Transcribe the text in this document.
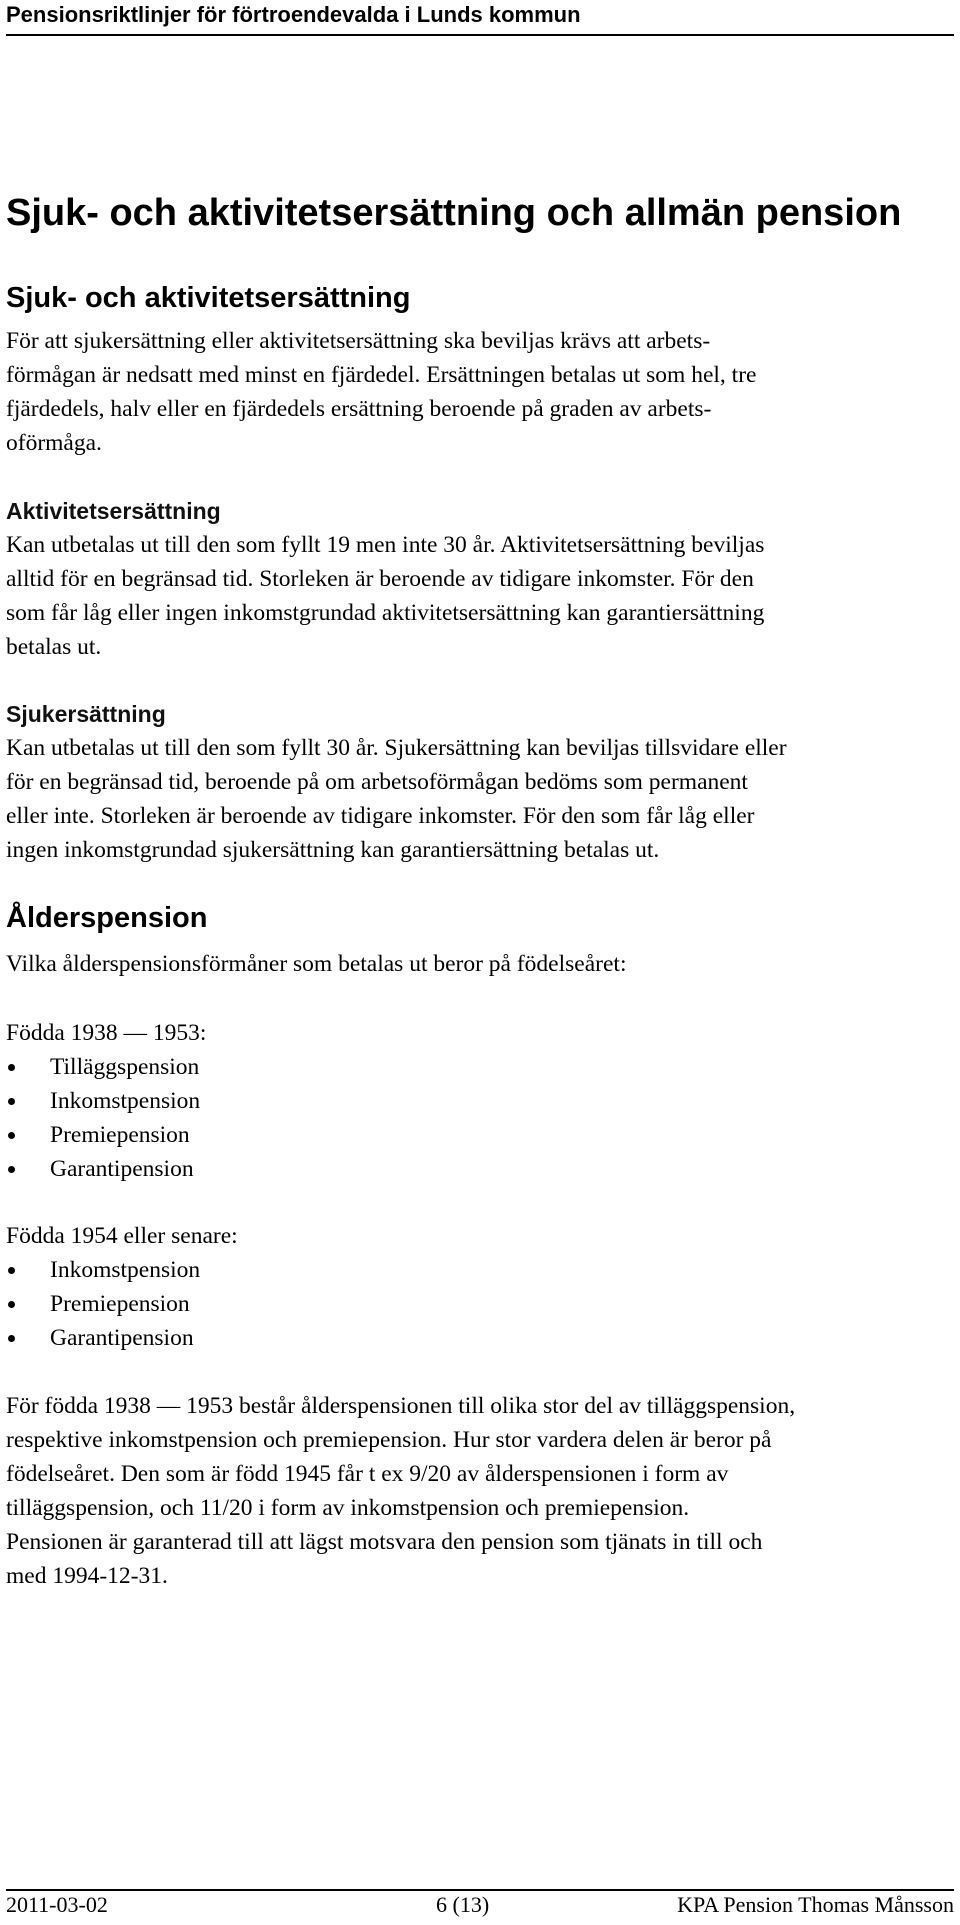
Pensionsriktlinjer för förtroendevalda i Lunds kommun
Sjuk- och aktivitetsersättning och allmän pension
Sjuk- och aktivitetsersättning
För att sjukersättning eller aktivitetsersättning ska beviljas krävs att arbets-
förmågan är nedsatt med minst en fjärdedel. Ersättningen betalas ut som hel, tre
fjärdedels, halv eller en fjärdedels ersättning beroende på graden av arbets-
oförmåga.
Aktivitetsersättning
Kan utbetalas ut till den som fyllt 19 men inte 30 år. Aktivitetsersättning beviljas
alltid för en begränsad tid. Storleken är beroende av tidigare inkomster. För den
som får låg eller ingen inkomstgrundad aktivitetsersättning kan garantiersättning
betalas ut.
Sjukersättning
Kan utbetalas ut till den som fyllt 30 år. Sjukersättning kan beviljas tillsvidare eller
för en begränsad tid, beroende på om arbetsoförmågan bedöms som permanent
eller inte. Storleken är beroende av tidigare inkomster. För den som får låg eller
ingen inkomstgrundad sjukersättning kan garantiersättning betalas ut.
Ålderspension
Vilka ålderspensionsförmåner som betalas ut beror på födelseåret:
Födda 1938 — 1953:
Tilläggspension
Inkomstpension
Premiepension
Garantipension
Födda 1954 eller senare:
Inkomstpension
Premiepension
Garantipension
För födda 1938 — 1953 består ålderspensionen till olika stor del av tilläggspension,
respektive inkomstpension och premiepension. Hur stor vardera delen är beror på
födelseåret. Den som är född 1945 får t ex 9/20 av ålderspensionen i form av
tilläggspension, och 11/20 i form av inkomstpension och premiepension.
Pensionen är garanterad till att lägst motsvara den pension som tjänats in till och
med 1994-12-31.
2011-03-02	6 (13)	KPA Pension Thomas Månsson
